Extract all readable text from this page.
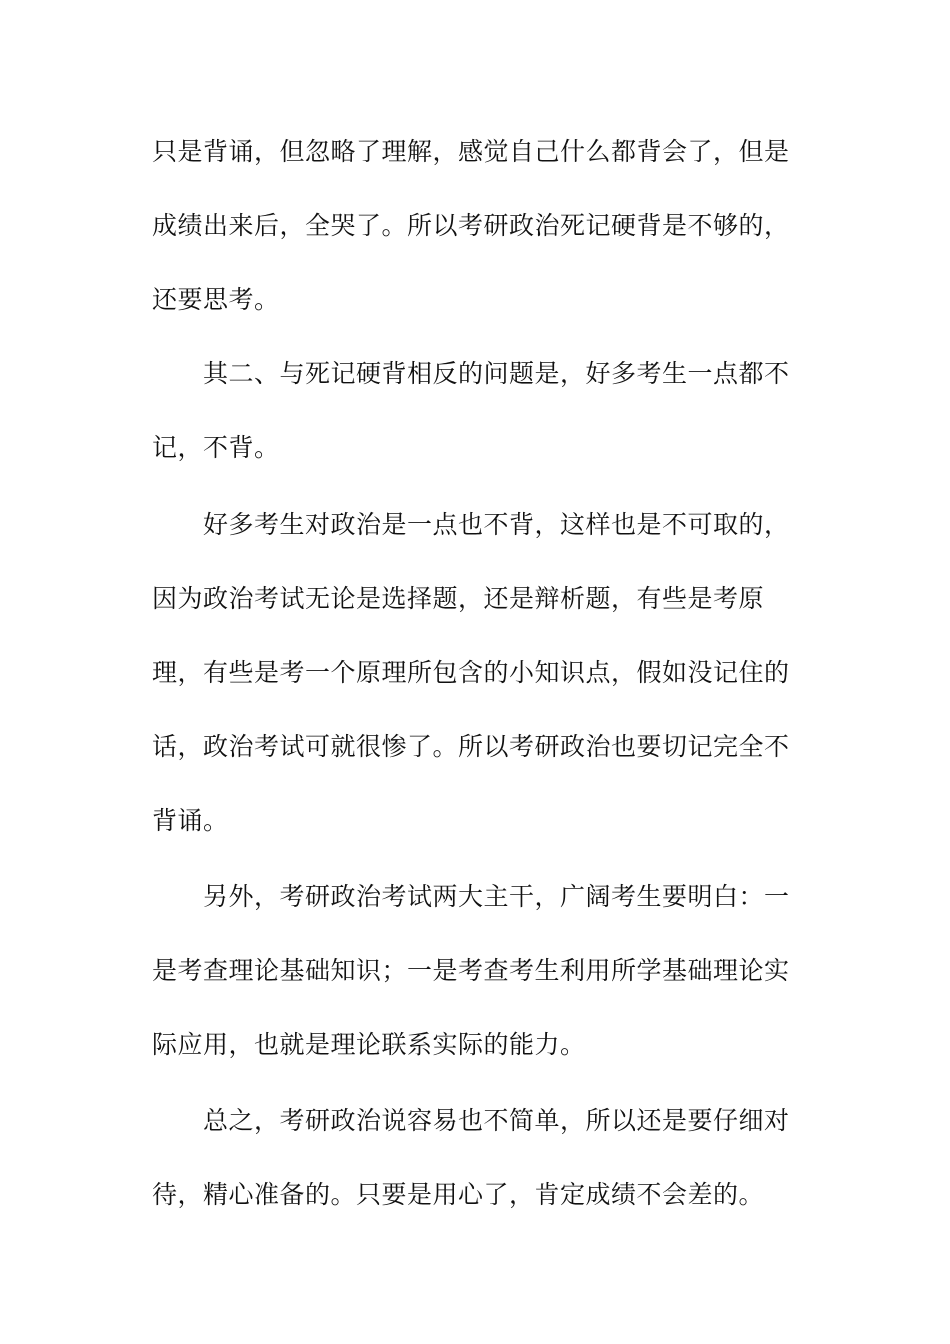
只是背诵，但忽略了理解，感觉自己什么都背会了，但是
成绩出来后，全哭了。所以考研政治死记硬背是不够的，
还要思考。
其二、与死记硬背相反的问题是，好多考生一点都不
记，不背。
好多考生对政治是一点也不背，这样也是不可取的，
因为政治考试无论是选择题，还是辩析题，有些是考原
理，有些是考一个原理所包含的小知识点，假如没记住的
话，政治考试可就很惨了。所以考研政治也要切记完全不
背诵。
另外，考研政治考试两大主干，广阔考生要明白：一
是考查理论基础知识；一是考查考生利用所学基础理论实
际应用，也就是理论联系实际的能力。
总之，考研政治说容易也不简单，所以还是要仔细对
待，精心准备的。只要是用心了，肯定成绩不会差的。
